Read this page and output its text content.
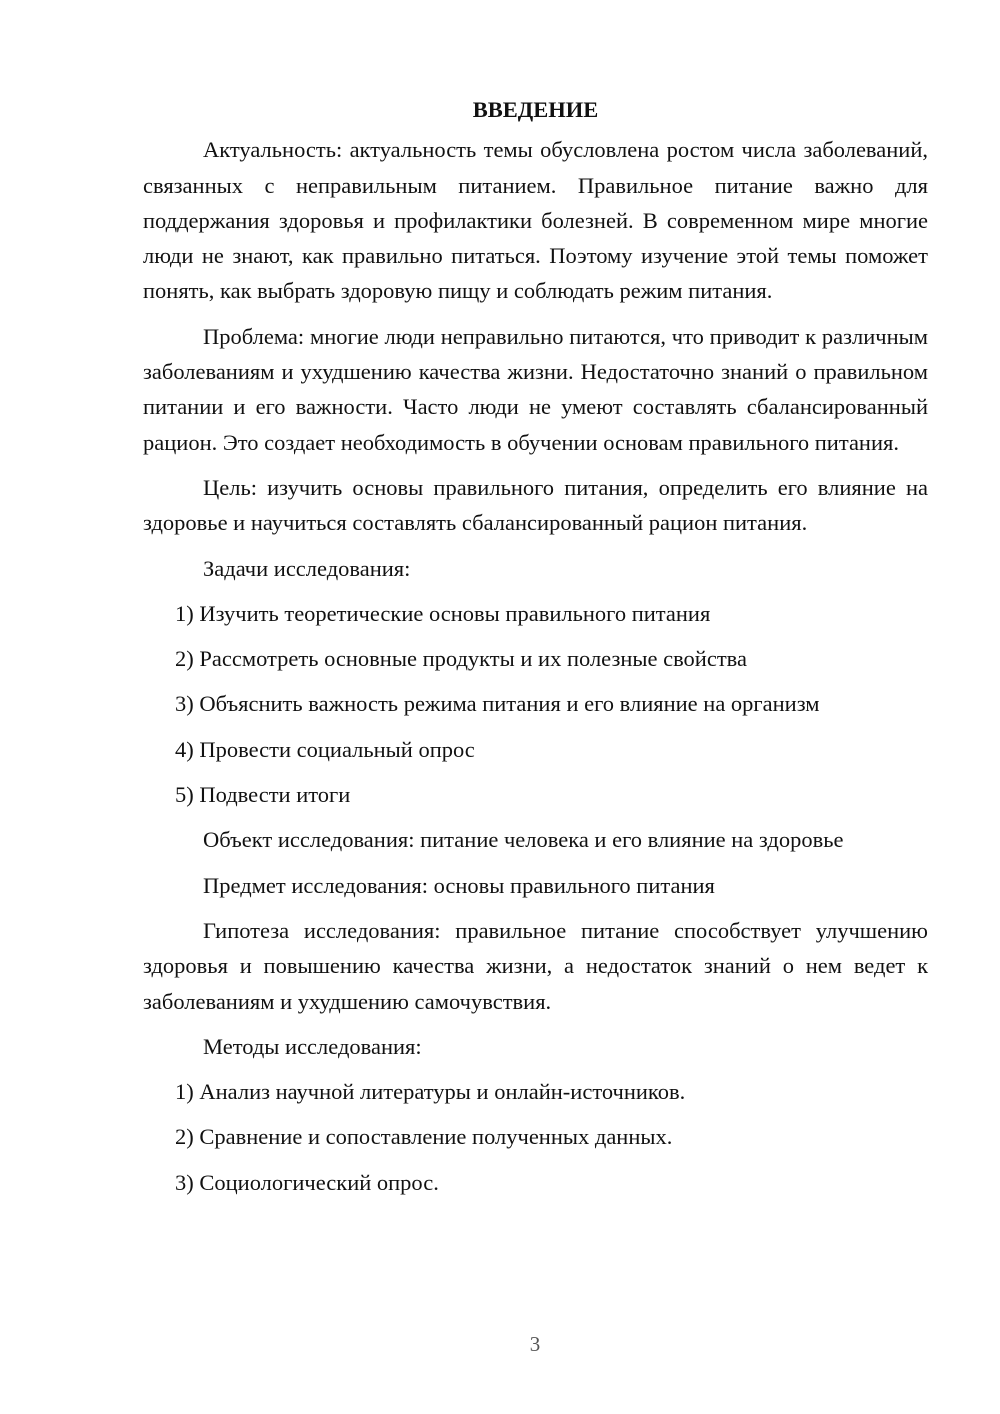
ВВЕДЕНИЕ

Актуальность: актуальность темы обусловлена ростом числа заболеваний, связанных с неправильным питанием. Правильное питание важно для поддержания здоровья и профилактики болезней. В современном мире многие люди не знают, как правильно питаться. Поэтому изучение этой темы поможет понять, как выбрать здоровую пищу и соблюдать режим питания.

Проблема: многие люди неправильно питаются, что приводит к различным заболеваниям и ухудшению качества жизни. Недостаточно знаний о правильном питании и его важности. Часто люди не умеют составлять сбалансированный рацион. Это создает необходимость в обучении основам правильного питания.

Цель: изучить основы правильного питания, определить его влияние на здоровье и научиться составлять сбалансированный рацион питания.

Задачи исследования:

1) Изучить теоретические основы правильного питания
2) Рассмотреть основные продукты и их полезные свойства
3) Объяснить важность режима питания и его влияние на организм
4) Провести социальный опрос
5) Подвести итоги

Объект исследования: питание человека и его влияние на здоровье

Предмет исследования: основы правильного питания

Гипотеза исследования: правильное питание способствует улучшению здоровья и повышению качества жизни, а недостаток знаний о нем ведет к заболеваниям и ухудшению самочувствия.

Методы исследования:

1) Анализ научной литературы и онлайн-источников.
2) Сравнение и сопоставление полученных данных.
3) Социологический опрос.
3
